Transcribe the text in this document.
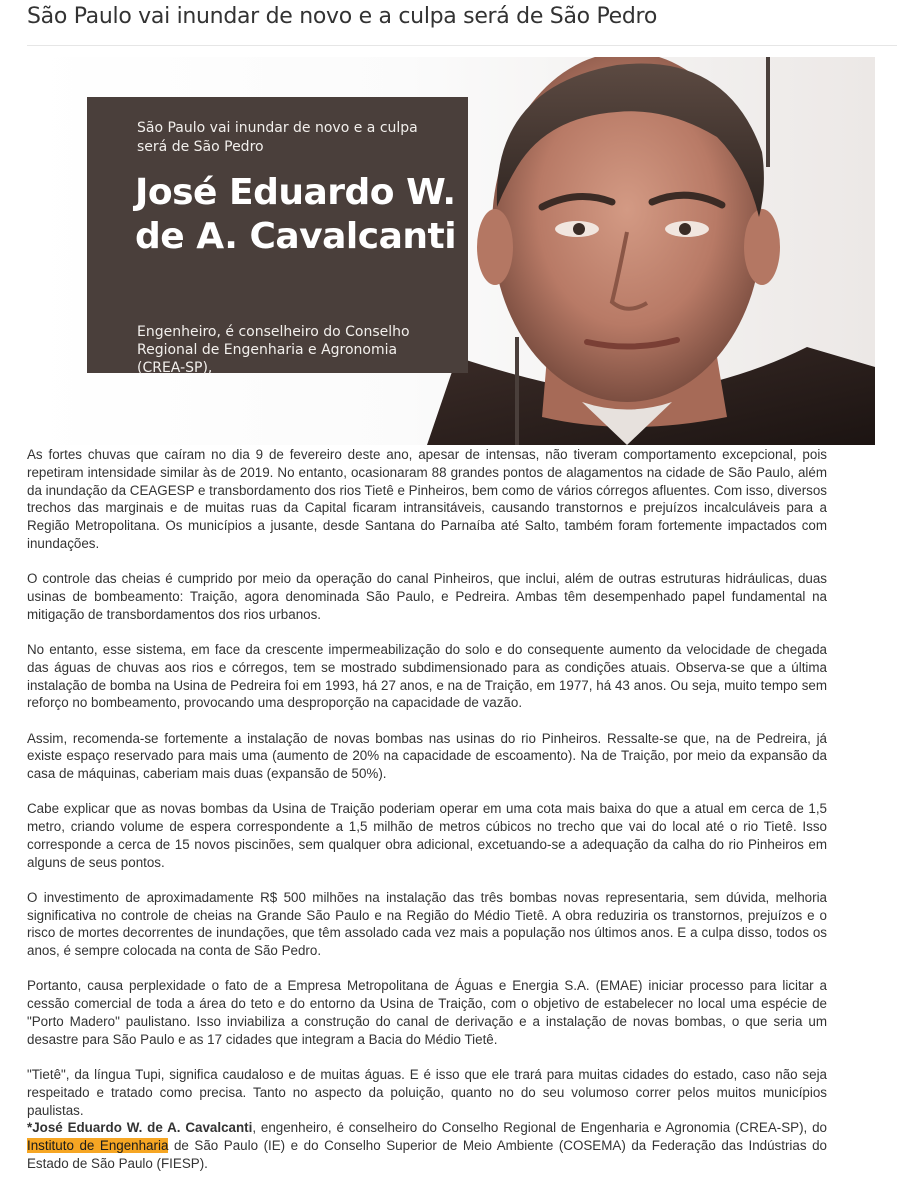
São Paulo vai inundar de novo e a culpa será de São Pedro

São Paulo vai inundar de novo e a culpa será de São Pedro

José Eduardo W. de A. Cavalcanti

Engenheiro, é conselheiro do Conselho Regional de Engenharia e Agronomia (CREA-SP),

As fortes chuvas que caíram no dia 9 de fevereiro deste ano, apesar de intensas, não tiveram comportamento excepcional, pois repetiram intensidade similar às de 2019. No entanto, ocasionaram 88 grandes pontos de alagamentos na cidade de São Paulo, além da inundação da CEAGESP e transbordamento dos rios Tietê e Pinheiros, bem como de vários córregos afluentes. Com isso, diversos trechos das marginais e de muitas ruas da Capital ficaram intransitáveis, causando transtornos e prejuízos incalculáveis para a Região Metropolitana. Os municípios a jusante, desde Santana do Parnaíba até Salto, também foram fortemente impactados com inundações.

O controle das cheias é cumprido por meio da operação do canal Pinheiros, que inclui, além de outras estruturas hidráulicas, duas usinas de bombeamento: Traição, agora denominada São Paulo, e Pedreira. Ambas têm desempenhado papel fundamental na mitigação de transbordamentos dos rios urbanos.

No entanto, esse sistema, em face da crescente impermeabilização do solo e do consequente aumento da velocidade de chegada das águas de chuvas aos rios e córregos, tem se mostrado subdimensionado para as condições atuais. Observa-se que a última instalação de bomba na Usina de Pedreira foi em 1993, há 27 anos, e na de Traição, em 1977, há 43 anos. Ou seja, muito tempo sem reforço no bombeamento, provocando uma desproporção na capacidade de vazão.

Assim, recomenda-se fortemente a instalação de novas bombas nas usinas do rio Pinheiros. Ressalte-se que, na de Pedreira, já existe espaço reservado para mais uma (aumento de 20% na capacidade de escoamento). Na de Traição, por meio da expansão da casa de máquinas, caberiam mais duas (expansão de 50%).

Cabe explicar que as novas bombas da Usina de Traição poderiam operar em uma cota mais baixa do que a atual em cerca de 1,5 metro, criando volume de espera correspondente a 1,5 milhão de metros cúbicos no trecho que vai do local até o rio Tietê. Isso corresponde a cerca de 15 novos piscinões, sem qualquer obra adicional, excetuando-se a adequação da calha do rio Pinheiros em alguns de seus pontos.

O investimento de aproximadamente R$ 500 milhões na instalação das três bombas novas representaria, sem dúvida, melhoria significativa no controle de cheias na Grande São Paulo e na Região do Médio Tietê. A obra reduziria os transtornos, prejuízos e o risco de mortes decorrentes de inundações, que têm assolado cada vez mais a população nos últimos anos. E a culpa disso, todos os anos, é sempre colocada na conta de São Pedro.

Portanto, causa perplexidade o fato de a Empresa Metropolitana de Águas e Energia S.A. (EMAE) iniciar processo para licitar a cessão comercial de toda a área do teto e do entorno da Usina de Traição, com o objetivo de estabelecer no local uma espécie de "Porto Madero" paulistano. Isso inviabiliza a construção do canal de derivação e a instalação de novas bombas, o que seria um desastre para São Paulo e as 17 cidades que integram a Bacia do Médio Tietê.

"Tietê", da língua Tupi, significa caudaloso e de muitas águas. E é isso que ele trará para muitas cidades do estado, caso não seja respeitado e tratado como precisa. Tanto no aspecto da poluição, quanto no do seu volumoso correr pelos muitos municípios paulistas.

*José Eduardo W. de A. Cavalcanti, engenheiro, é conselheiro do Conselho Regional de Engenharia e Agronomia (CREA-SP), do Instituto de Engenharia de São Paulo (IE) e do Conselho Superior de Meio Ambiente (COSEMA) da Federação das Indústrias do Estado de São Paulo (FIESP).
